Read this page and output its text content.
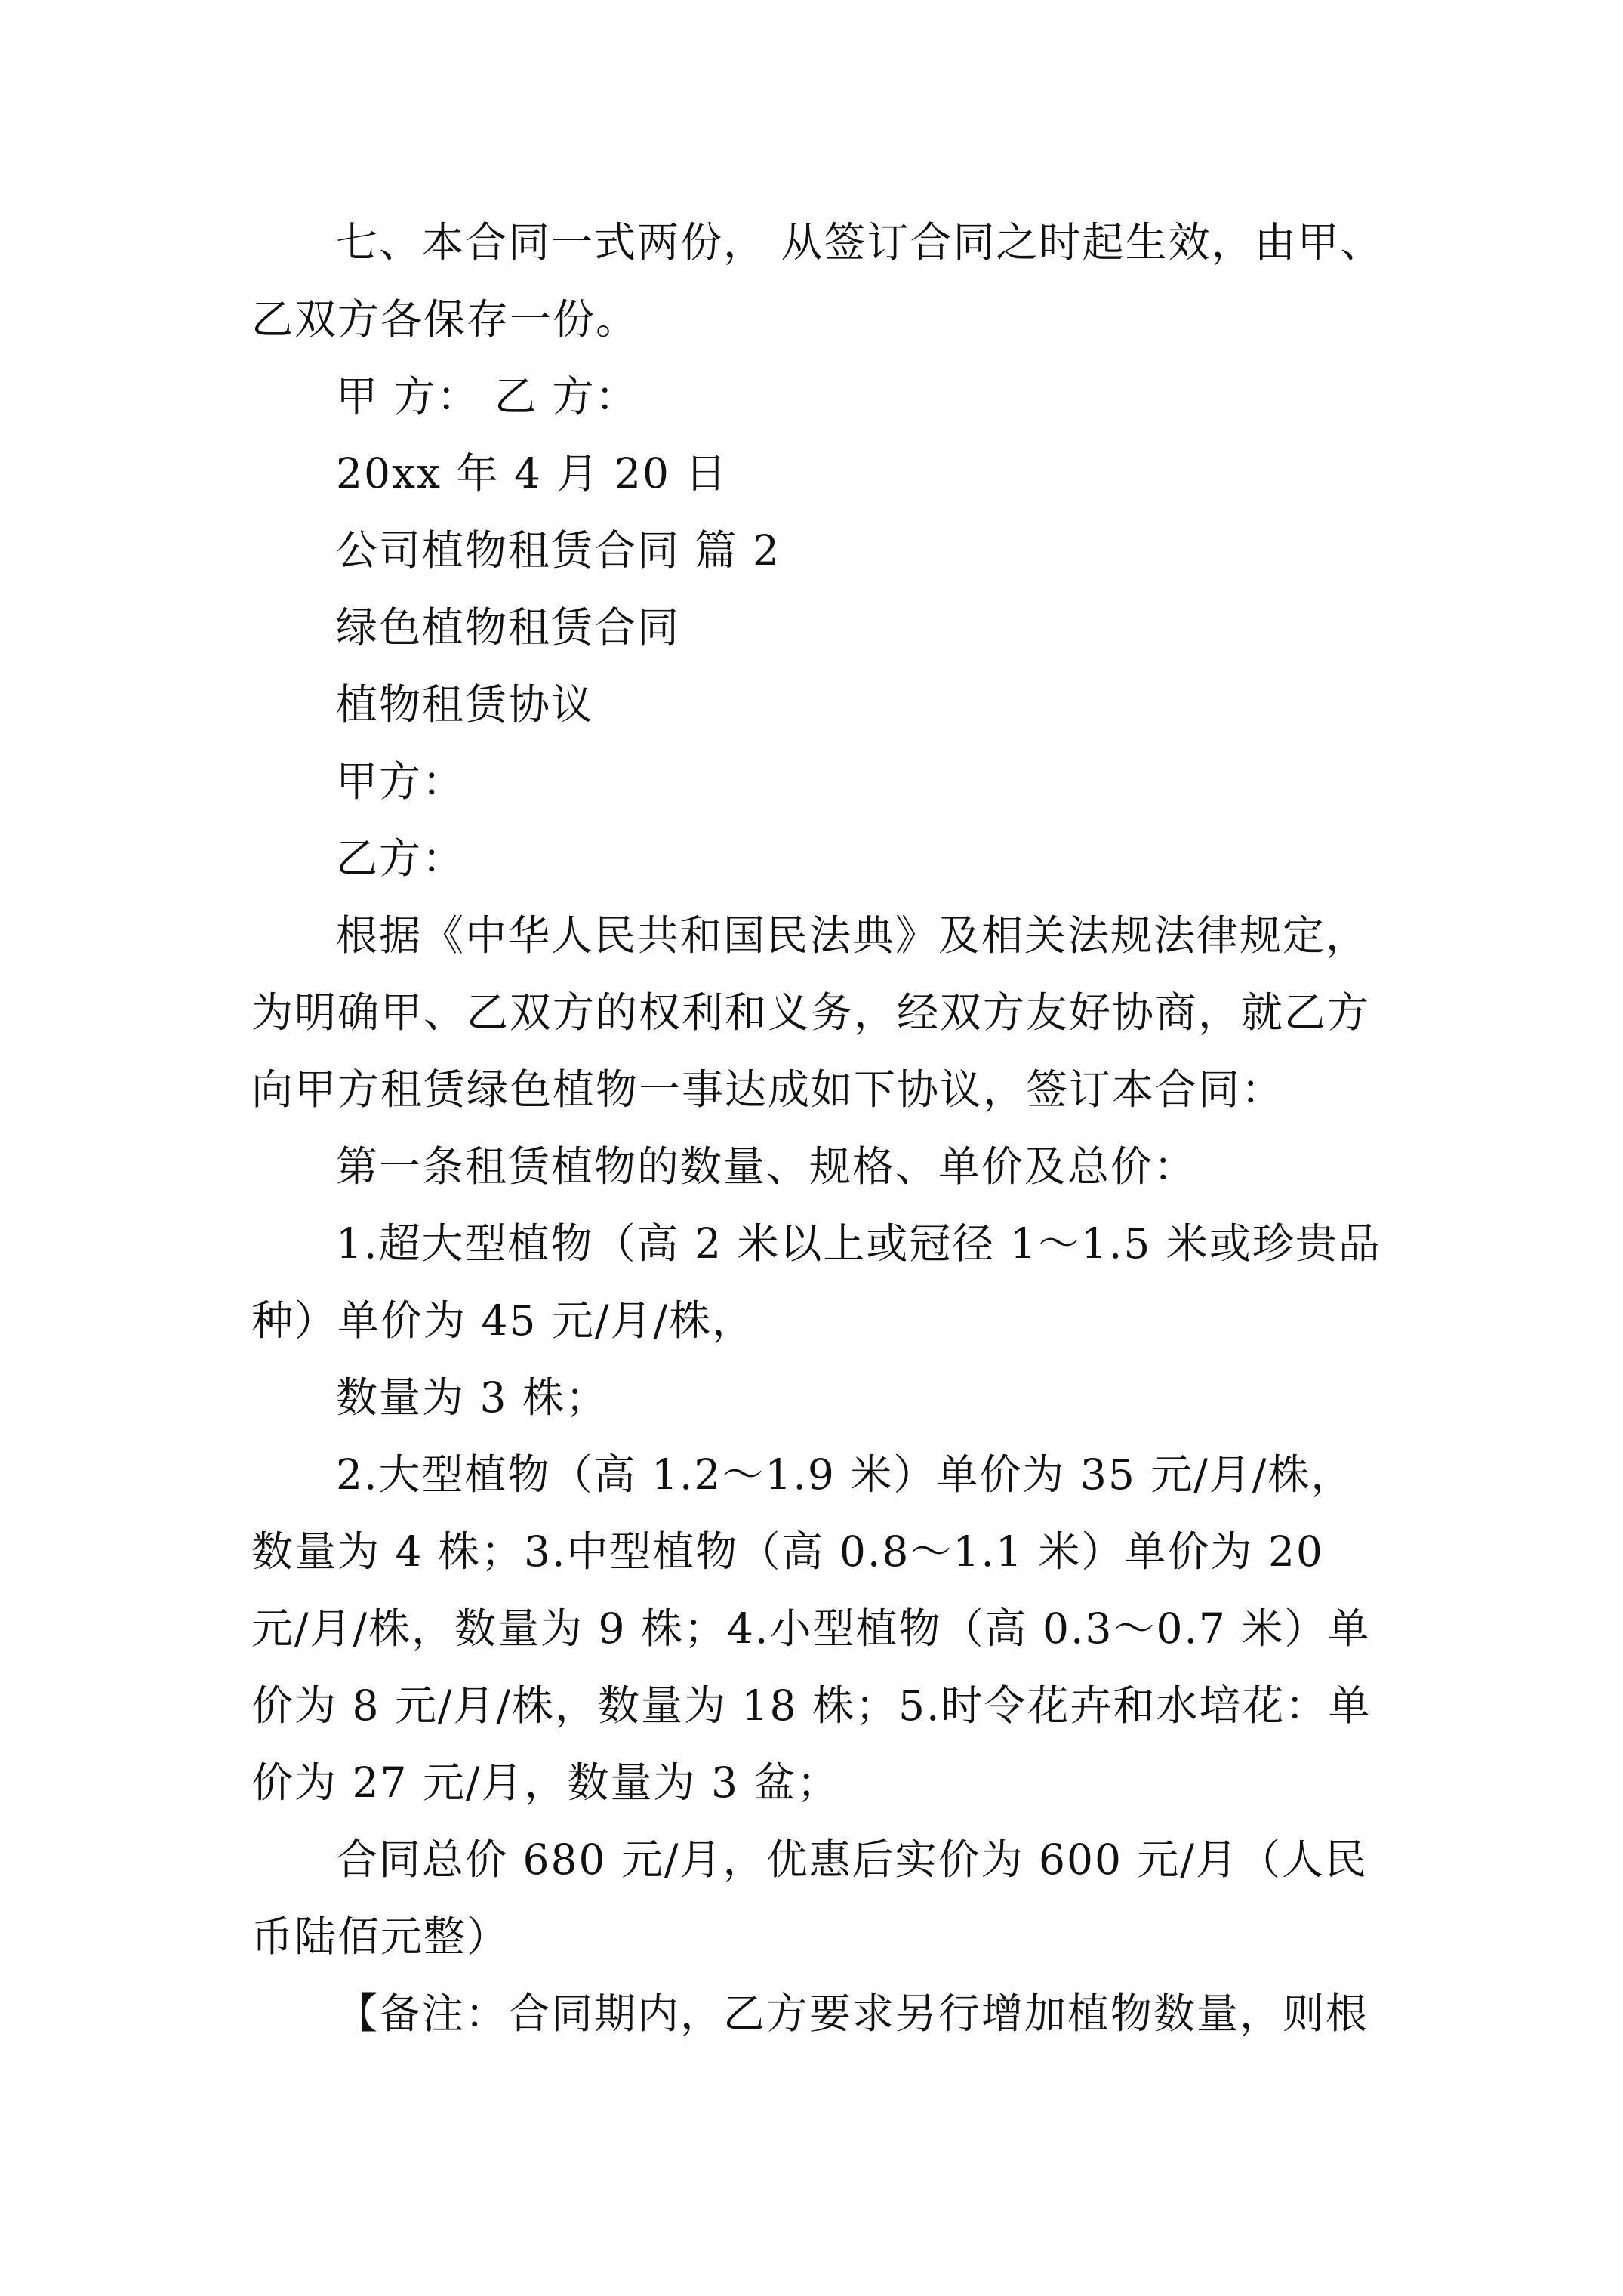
七、本合同一式两份， 从签订合同之时起生效，由甲、乙双方各保存一份。

甲 方： 乙 方：

20xx 年 4 月 20 日

公司植物租赁合同 篇 2

绿色植物租赁合同

植物租赁协议

甲方：

乙方：

根据《中华人民共和国民法典》及相关法规法律规定，为明确甲、乙双方的权利和义务，经双方友好协商，就乙方向甲方租赁绿色植物一事达成如下协议，签订本合同：

第一条租赁植物的数量、规格、单价及总价：

1.超大型植物（高 2 米以上或冠径 1～1.5 米或珍贵品种）单价为 45 元/月/株，

数量为 3 株；

2.大型植物（高 1.2～1.9 米）单价为 35 元/月/株，数量为 4 株；3.中型植物（高 0.8～1.1 米）单价为 20 元/月/株，数量为 9 株；4.小型植物（高 0.3～0.7 米）单价为 8 元/月/株，数量为 18 株；5.时令花卉和水培花：单价为 27 元/月，数量为 3 盆；

合同总价 680 元/月，优惠后实价为 600 元/月（人民币陆佰元整）

【备注：合同期内，乙方要求另行增加植物数量，则根
